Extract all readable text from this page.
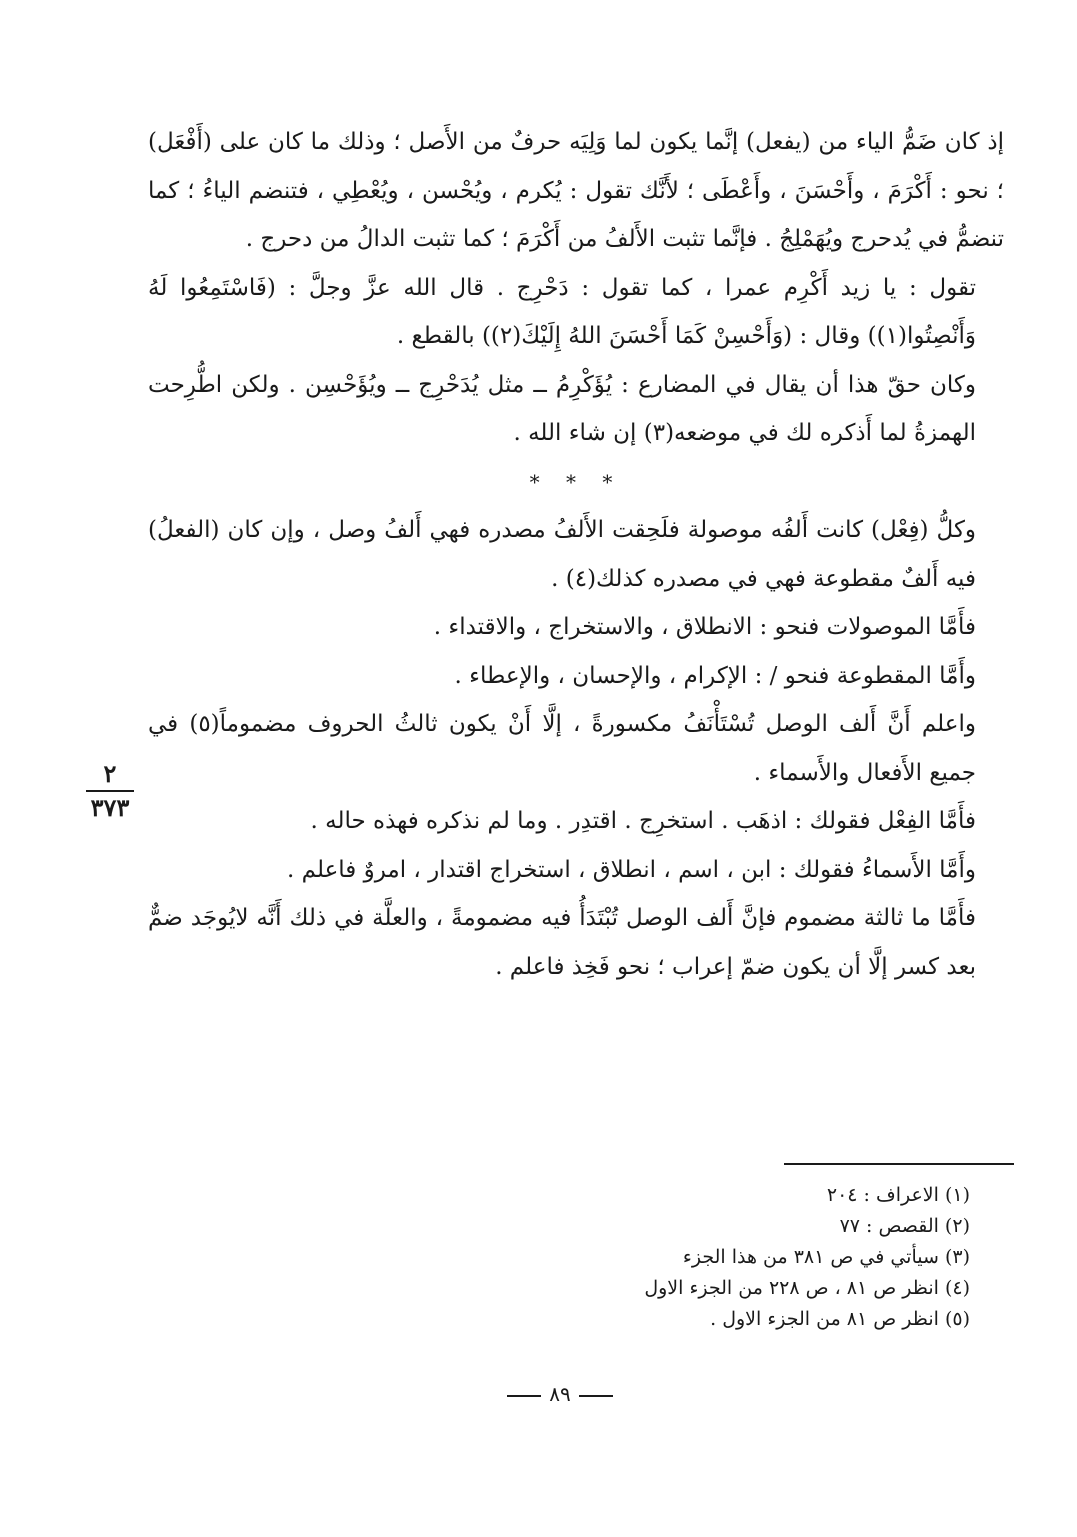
إذ كان ضَمُّ الياء من (يفعل) إنَّما يكون لما وَلِيَه حرفٌ من الأَصل ؛ وذلك ما كان على (أَفْعَل) ؛ نحو : أَكْرَمَ ، وأَحْسَنَ ، وأَعْطَى ؛ لأَنَّك تقول : يُكرم ، ويُحْسن ، ويُعْطِي ، فتنضم الياءُ ؛ كما تنضمُّ في يُدحرج ويُهَمْلِجُ . فإنَّما تثبت الأَلفُ من أَكْرَمَ ؛ كما تثبت الدالُ من دحرج .

تقول : يا زيد أَكْرِم عمرا ، كما تقول : دَحْرِج . قال الله عزَّ وجلَّ : (فَاسْتَمِعُوا لَهُ وَأَنْصِتُوا(١)) وقال : (وَأَحْسِنْ كَمَا أَحْسَنَ اللهُ إِلَيْكَ(٢)) بالقطع .

وكان حقّ هذا أن يقال في المضارع : يُؤَكْرِمُ ــ مثل يُدَحْرِج ــ ويُؤَحْسِن . ولكن اطُّرِحت الهمزةُ لما أَذكره لك في موضعه(٣) إن شاء الله .

* * *

وكلُّ (فِعْل) كانت أَلفُه موصولة فلَحِقت الأَلفُ مصدره فهي أَلفُ وصل ، وإن كان (الفعلُ) فيه أَلفٌ مقطوعة فهي في مصدره كذلك(٤) .

فأَمَّا الموصولات فنحو : الانطلاق ، والاستخراج ، والاقتداء .

وأَمَّا المقطوعة فنحو / : الإكرام ، والإحسان ، والإعطاء .

واعلم أَنَّ أَلف الوصل تُسْتَأْنَفُ مكسورةً ، إلَّا أَنْ يكون ثالثُ الحروف مضموماً(٥) في جميع الأَفعال والأَسماء .

فأَمَّا الفِعْل فقولك : اذهَب . استخرِج . اقتدِر . وما لم نذكره فهذه حاله .

وأَمَّا الأَسماءُ فقولك : ابن ، اسم ، انطلاق ، استخراج اقتدار ، امروٌ فاعلم .

فأَمَّا ما ثالثة مضموم فإنَّ أَلف الوصل تُبْتَدَأُ فيه مضمومةً ، والعلَّة في ذلك أَنَّه لايُوجَد ضمٌّ بعد كسر إلَّا أن يكون ضمّ إعراب ؛ نحو فَخِذ فاعلم .

٢
٣٧٣

(١) الاعراف : ٢٠٤

(٢) القصص : ٧٧

(٣) سيأتي في ص ٣٨١ من هذا الجزء

(٤) انظر ص ٨١ ، ص ٢٢٨ من الجزء الاول

(٥) انظر ص ٨١ من الجزء الاول .

٨٩
